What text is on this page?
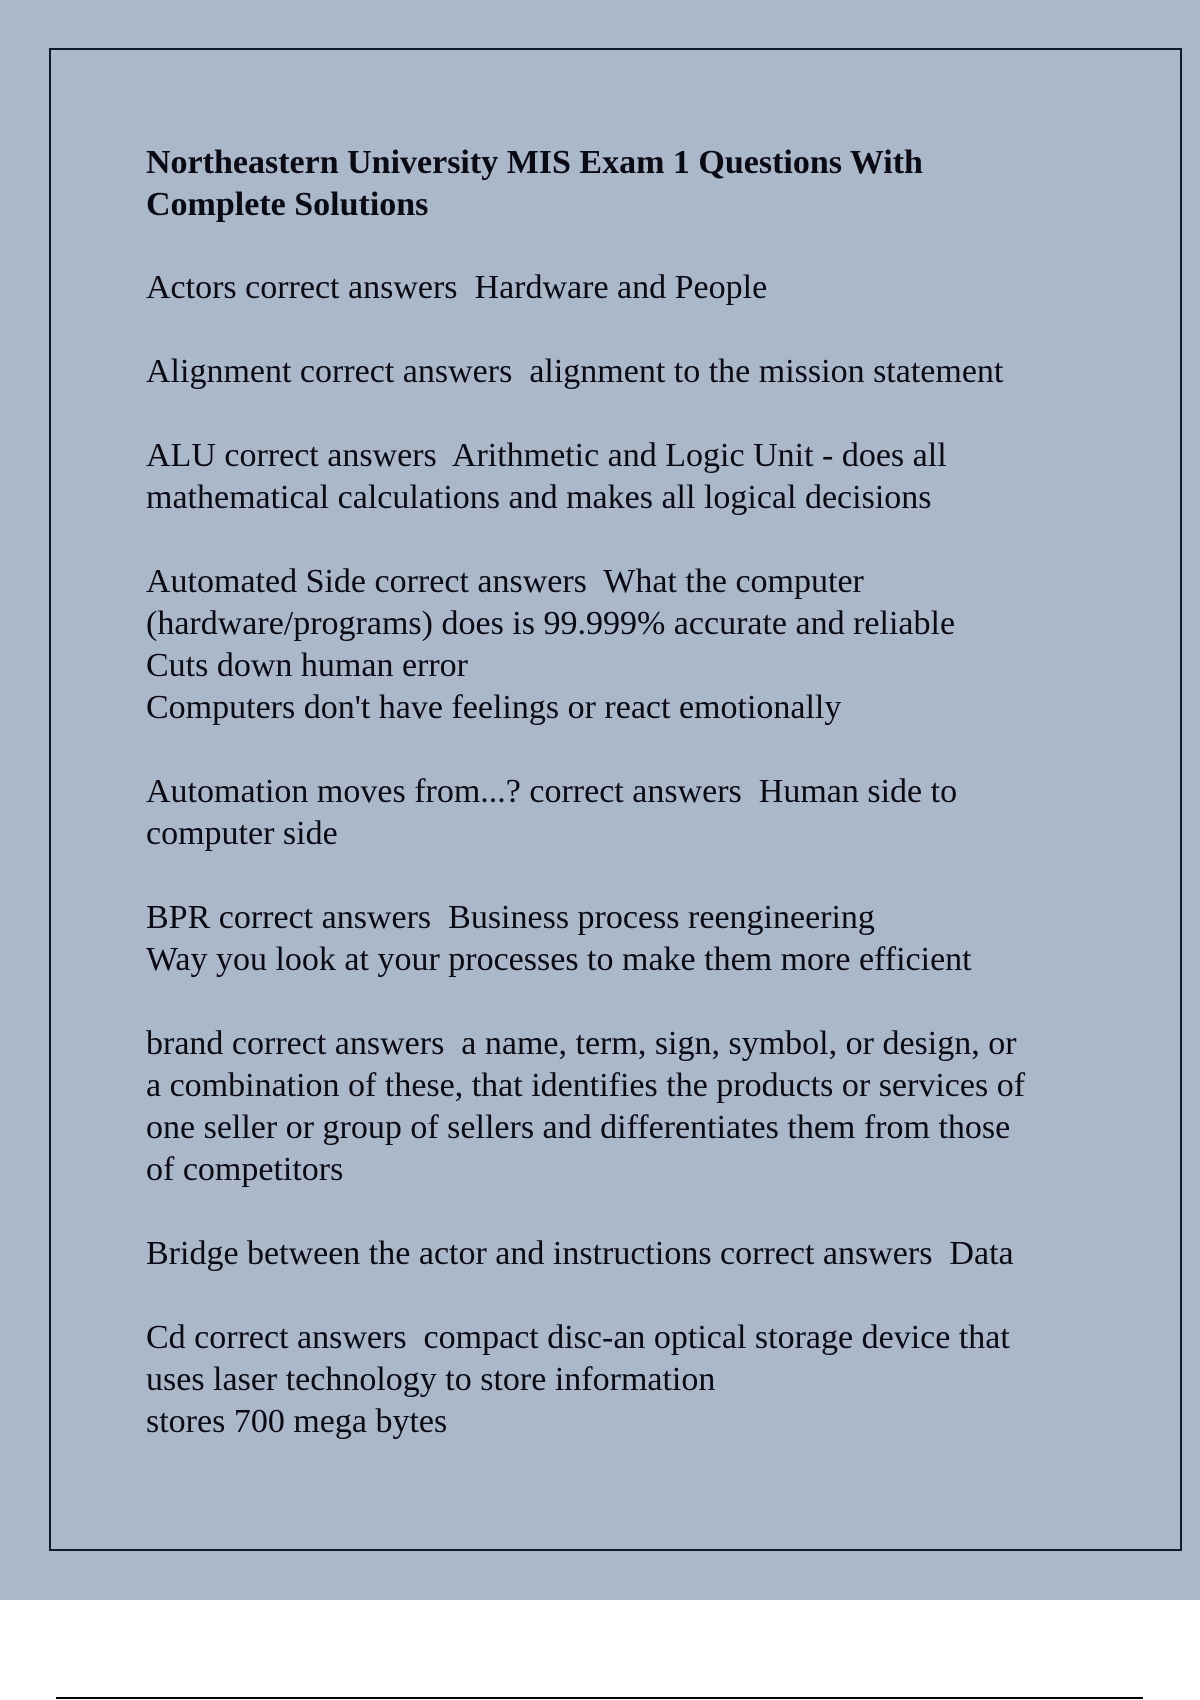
Northeastern University MIS Exam 1 Questions With
Complete Solutions
Actors correct answers  Hardware and People
Alignment correct answers  alignment to the mission statement
ALU correct answers  Arithmetic and Logic Unit - does all
mathematical calculations and makes all logical decisions
Automated Side correct answers  What the computer
(hardware/programs) does is 99.999% accurate and reliable
Cuts down human error
Computers don't have feelings or react emotionally
Automation moves from...? correct answers  Human side to
computer side
BPR correct answers  Business process reengineering
Way you look at your processes to make them more efficient
brand correct answers  a name, term, sign, symbol, or design, or
a combination of these, that identifies the products or services of
one seller or group of sellers and differentiates them from those
of competitors
Bridge between the actor and instructions correct answers  Data
Cd correct answers  compact disc-an optical storage device that
uses laser technology to store information
stores 700 mega bytes
